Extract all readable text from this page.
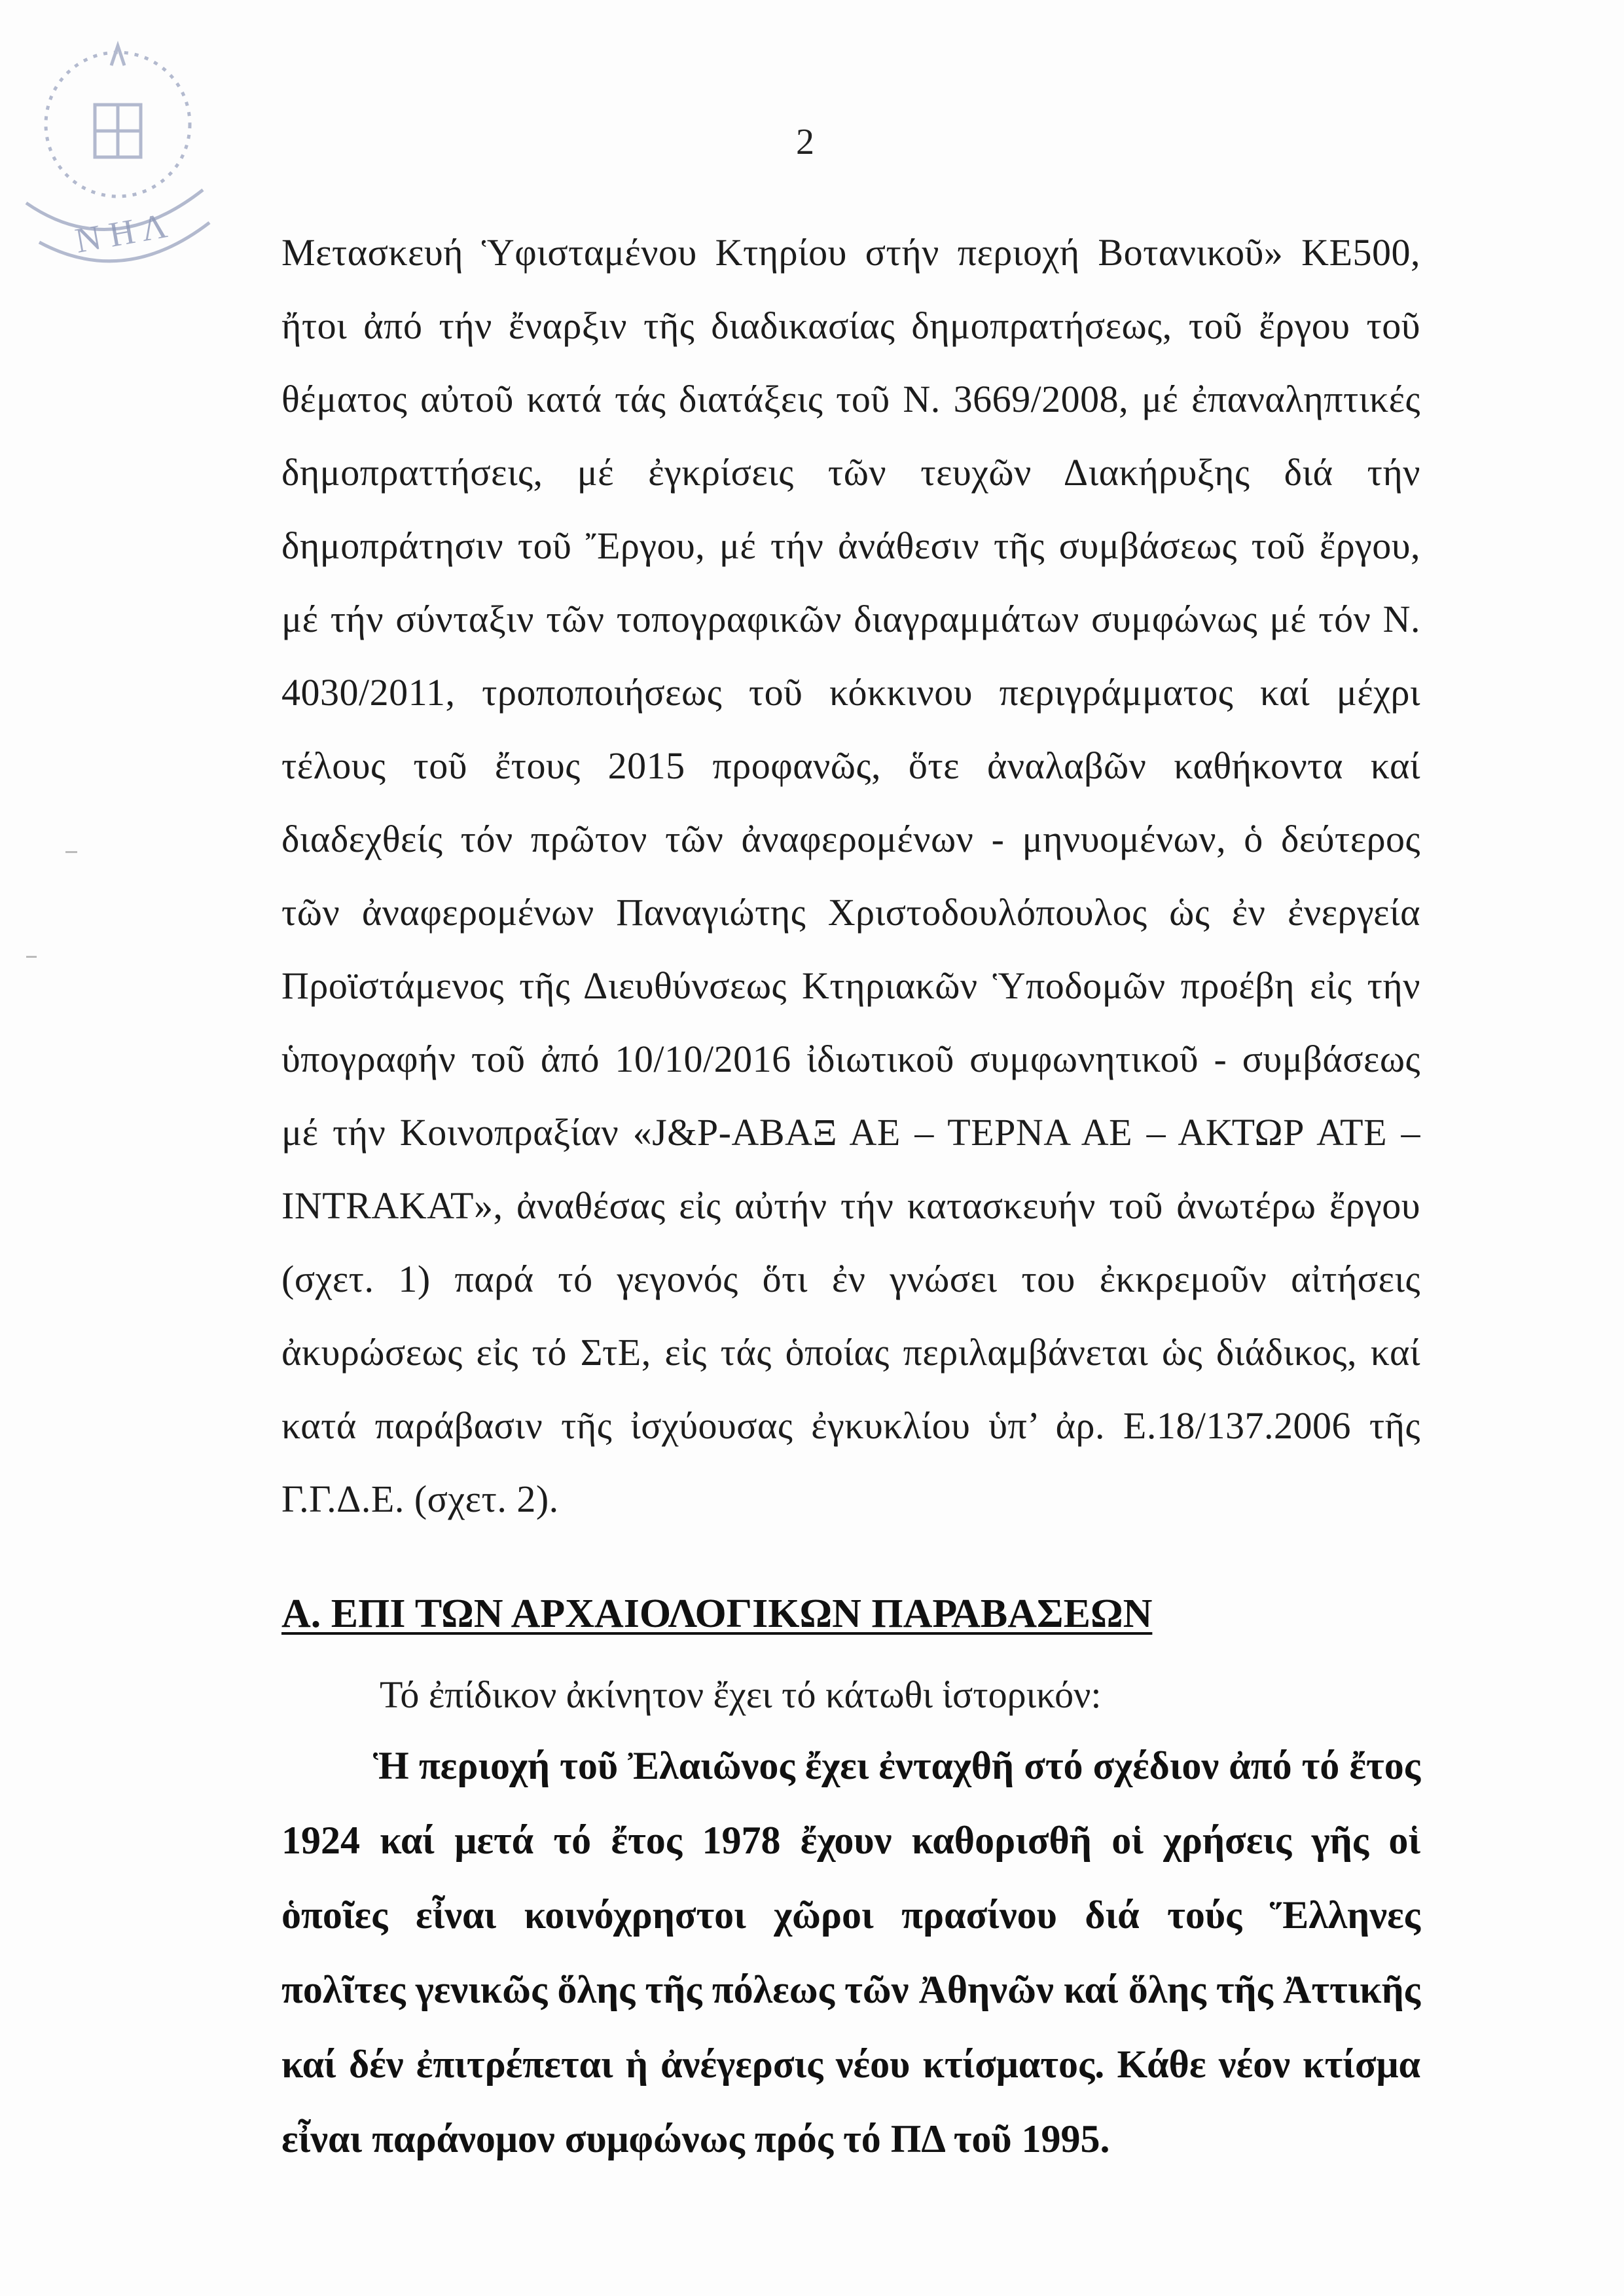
Ν Η Λ
2

Μετασκευή Ὑφισταμένου Κτηρίου στήν περιοχή Βοτανικοῦ» ΚΕ500, ἤτοι ἀπό τήν ἔναρξιν τῆς διαδικασίας δημοπρατήσεως, τοῦ ἔργου τοῦ θέματος αὐτοῦ κατά τάς διατάξεις τοῦ Ν. 3669/2008, μέ ἐπαναληπτικές δημοπραττήσεις, μέ ἐγκρίσεις τῶν τευχῶν Διακήρυξης διά τήν δημοπράτησιν τοῦ Ἔργου, μέ τήν ἀνάθεσιν τῆς συμβάσεως τοῦ ἔργου, μέ τήν σύνταξιν τῶν τοπογραφικῶν διαγραμμάτων συμφώνως μέ τόν Ν. 4030/2011, τροποποιήσεως τοῦ κόκκινου περιγράμματος καί μέχρι τέλους τοῦ ἔτους 2015 προφανῶς, ὅτε ἀναλαβῶν καθήκοντα καί διαδεχθείς τόν πρῶτον τῶν ἀναφερομένων - μηνυομένων, ὁ δεύτερος τῶν ἀναφερομένων Παναγιώτης Χριστοδουλόπουλος ὡς ἐν ἐνεργεία Προϊστάμενος τῆς Διευθύνσεως Κτηριακῶν Ὑποδομῶν προέβη εἰς τήν ὑπογραφήν τοῦ ἀπό 10/10/2016 ἰδιωτικοῦ συμφωνητικοῦ - συμβάσεως μέ τήν Κοινοπραξίαν «J&P-ΑΒΑΞ ΑΕ – ΤΕΡΝΑ ΑΕ – ΑΚΤΩΡ ΑΤΕ – INTRAKAT», ἀναθέσας εἰς αὐτήν τήν κατασκευήν τοῦ ἀνωτέρω ἔργου (σχετ. 1) παρά τό γεγονός ὅτι ἐν γνώσει του ἐκκρεμοῦν αἰτήσεις ἀκυρώσεως εἰς τό ΣτΕ, εἰς τάς ὁποίας περιλαμβάνεται ὡς διάδικος, καί κατά παράβασιν τῆς ἰσχύουσας ἐγκυκλίου ὑπ’ ἀρ. Ε.18/137.2006 τῆς Γ.Γ.Δ.Ε. (σχετ. 2).

Α. ΕΠΙ ΤΩΝ ΑΡΧΑΙΟΛΟΓΙΚΩΝ ΠΑΡΑΒΑΣΕΩΝ
Τό ἐπίδικον ἀκίνητον ἔχει τό κάτωθι ἱστορικόν:

Ἡ περιοχή τοῦ Ἐλαιῶνος ἔχει ἐνταχθῆ στό σχέδιον ἀπό τό ἔτος 1924 καί μετά τό ἔτος 1978 ἔχουν καθορισθῆ οἱ χρήσεις γῆς οἱ ὁποῖες εἶναι κοινόχρηστοι χῶροι πρασίνου διά τούς Ἕλληνες πολῖτες γενικῶς ὅλης τῆς πόλεως τῶν Ἀθηνῶν καί ὅλης τῆς Ἀττικῆς καί δέν ἐπιτρέπεται ἡ ἀνέγερσις νέου κτίσματος. Κάθε νέον κτίσμα εἶναι παράνομον συμφώνως πρός τό ΠΔ τοῦ 1995.
